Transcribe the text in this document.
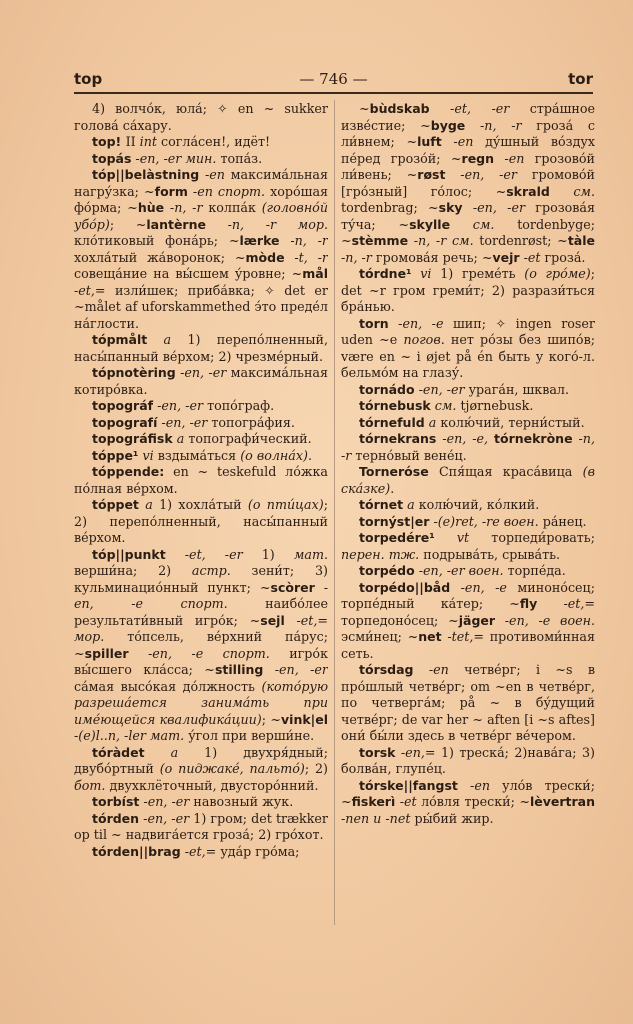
top	— 746 —	tor

4) волчо́к, юла́; ✧ en ~ sukker голова́ са́хару.

top! II int согла́сен!, идёт!

topás -en, -er мин. топа́з.

tóp||belàstning -en максима́льная нагру́зка; ~form -en спорт. хоро́шая фо́рма; ~hùe -n, -r колпа́к (головно́й убо́р); ~lantèrne -n, -r мор. кло́тиковый фона́рь; ~lærke -n, -r хохла́тый жа́воронок; ~mòde -t, -r совеща́ние на вы́сшем у́ровне; ~mål -et,= изли́шек; приба́вка; ✧ det er ~målet af uforskammethed э́то преде́л на́глости.

tópmålt a 1) перепо́лненный, насы́панный ве́рхом; 2) чрезме́рный.

tópnotèring -en, -er максима́льная котиро́вка.

topográf -en, -er топо́граф.

topografí -en, -er топогра́фия.

topográfisk a топографи́ческий.

tóppe¹ vi вздыма́ться (о волна́х).

tóppende: en ~ teskefuld ло́жка по́лная ве́рхом.

tóppet a 1) хохла́тый (о пти́цах); 2) перепо́лненный, насы́панный ве́рхом.

tóp||punkt -et, -er 1) мат. верши́на; 2) астр. зени́т; 3) кульминацио́нный пункт; ~scòrer -en, -e спорт. наибо́лее результати́вный игро́к; ~sejl -et,= мор. то́псель, ве́рхний па́рус; ~spiller -en, -e спорт. игро́к вы́сшего кла́сса; ~stilling -en, -er са́мая высо́кая до́лжность (кото́рую разреша́ется занима́ть при име́ющейся квалифика́ции); ~vink|el -(e)l..n, -ler мат. у́гол при верши́не.

tóràdet a 1) двухря́дный; двубо́ртный (о пиджаке́, пальто́); 2) бот. двухклёточный, двусторо́нний.

torbíst -en, -er навозный жук.

tórden -en, -er 1) гром; det trækker op til ~ надвига́ется гроза́; 2) гро́хот.

tórden||brag -et,= уда́р гро́ма;

~bùdskab -et, -er стра́шное изве́стие; ~byge -n, -r гроза́ с ли́внем; ~luft -en ду́шный во́здух пе́ред грозо́й; ~regn -en грозово́й ли́вень; ~røst -en, -er громово́й [гро́зный] го́лос; ~skrald см. tordenbrag; ~sky -en, -er грозова́я ту́ча; ~skylle см. tordenbyge; ~stèmme -n, -r см. tordenrøst; ~tàle -n, -r громова́я речь; ~vejr -et гроза́.

tórdne¹ vi 1) греме́ть (о гро́ме); det ~r гром греми́т; 2) разрази́ться бра́нью.

torn -en, -e шип; ✧ ingen roser uden ~e погов. нет ро́зы без шипо́в; være en ~ i øjet på én быть у кого́-л. бельмо́м на глазу́.

tornádo -en, -er урага́н, шквал.

tórnebusk см. tjørnebusk.

tórnefuld a колю́чий, терни́стый.

tórnekrans -en, -e, tórnekròne -n, -r терно́вый вене́ц.

Tornerόse Спя́щая краса́вица (в ска́зке).

tórnet a колю́чий, ко́лкий.

tornýst|er -(e)ret, -re воен. ра́нец.

torpedére¹ vt торпеди́ровать; перен. тж. подрыва́ть, срыва́ть.

torpédo -en, -er воен. торпе́да.

torpédo||båd -en, -e миноно́сец; торпе́дный ка́тер; ~fly -et,= торпедоно́сец; ~jäger -en, -e воен. эсми́нец; ~net -tet,= противоми́нная сеть.

tórsdag -en четве́рг; i ~s в про́шлый четве́рг; om ~en в четве́рг, по четверга́м; på ~ в бу́дущий четве́рг; de var her ~ aften [i ~s aftes] они́ бы́ли здесь в четве́рг ве́чером.

torsk -en,= 1) треска́; 2)нава́га; 3) болва́н, глупе́ц.

tórske||fangst -en уло́в трески́; ~fiskerì -et ло́вля трески́; ~lèvertran -nen u -net ры́бий жир.
